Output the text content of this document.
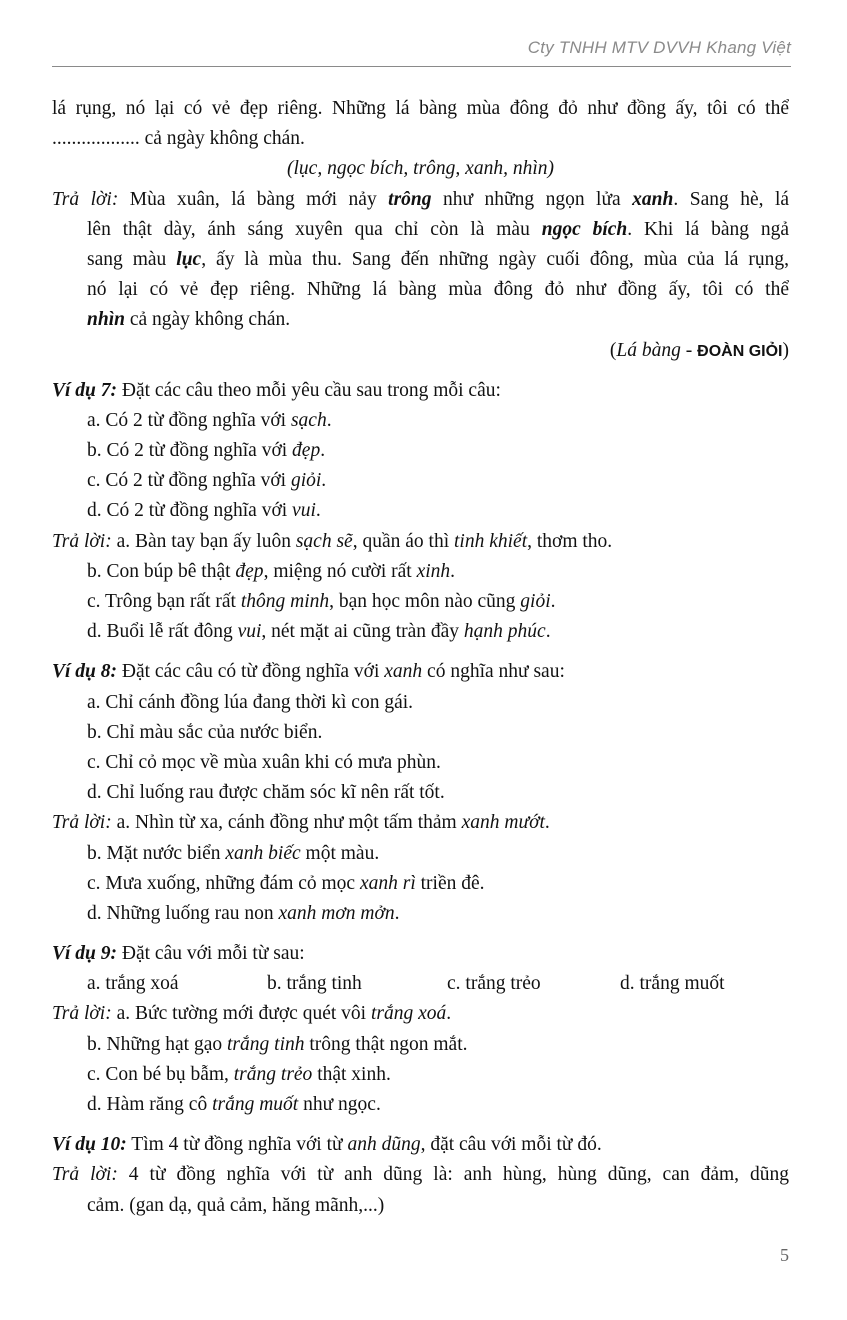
Cty TNHH MTV DVVH Khang Việt
lá rụng, nó lại có vẻ đẹp riêng. Những lá bàng mùa đông đỏ như đồng ấy, tôi có thể
.................. cả ngày không chán.
(lục, ngọc bích, trông, xanh, nhìn)
Trả lời: Mùa xuân, lá bàng mới nảy trông như những ngọn lửa xanh. Sang hè, lá
lên thật dày, ánh sáng xuyên qua chỉ còn là màu ngọc bích. Khi lá bàng ngả
sang màu lục, ấy là mùa thu. Sang đến những ngày cuối đông, mùa của lá rụng,
nó lại có vẻ đẹp riêng. Những lá bàng mùa đông đỏ như đồng ấy, tôi có thể
nhìn cả ngày không chán.
(Lá bàng - ĐOÀN GIỎI)
Ví dụ 7: Đặt các câu theo mỗi yêu cầu sau trong mỗi câu:
a. Có 2 từ đồng nghĩa với sạch.
b. Có 2 từ đồng nghĩa với đẹp.
c. Có 2 từ đồng nghĩa với giỏi.
d. Có 2 từ đồng nghĩa với vui.
Trả lời: a. Bàn tay bạn ấy luôn sạch sẽ, quần áo thì tinh khiết, thơm tho.
b. Con búp bê thật đẹp, miệng nó cười rất xinh.
c. Trông bạn rất rất thông minh, bạn học môn nào cũng giỏi.
d. Buổi lễ rất đông vui, nét mặt ai cũng tràn đầy hạnh phúc.
Ví dụ 8: Đặt các câu có từ đồng nghĩa với xanh có nghĩa như sau:
a. Chỉ cánh đồng lúa đang thời kì con gái.
b. Chỉ màu sắc của nước biển.
c. Chỉ cỏ mọc về mùa xuân khi có mưa phùn.
d. Chỉ luống rau được chăm sóc kĩ nên rất tốt.
Trả lời: a. Nhìn từ xa, cánh đồng như một tấm thảm xanh mướt.
b. Mặt nước biển xanh biếc một màu.
c. Mưa xuống, những đám cỏ mọc xanh rì triền đê.
d. Những luống rau non xanh mơn mởn.
Ví dụ 9: Đặt câu với mỗi từ sau:
a. trắng xoá	b. trắng tinh	c. trắng trẻo	d. trắng muốt
Trả lời: a. Bức tường mới được quét vôi trắng xoá.
b. Những hạt gạo trắng tinh trông thật ngon mắt.
c. Con bé bụ bẫm, trắng trẻo thật xinh.
d. Hàm răng cô trắng muốt như ngọc.
Ví dụ 10: Tìm 4 từ đồng nghĩa với từ anh dũng, đặt câu với mỗi từ đó.
Trả lời: 4 từ đồng nghĩa với từ anh dũng là: anh hùng, hùng dũng, can đảm, dũng
cảm. (gan dạ, quả cảm, hăng mãnh,...)
5
